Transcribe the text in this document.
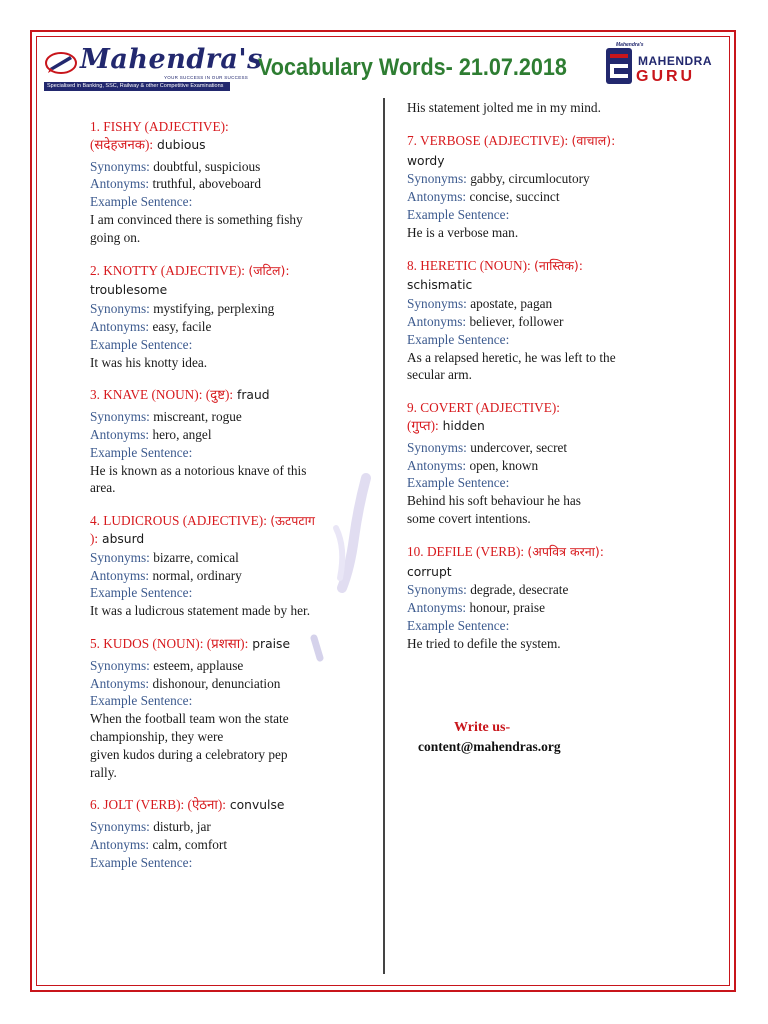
Mahendra's
YOUR SUCCESS IN OUR SUCCESS
Specialised in Banking, SSC, Railway & other Competitive Examinations
Vocabulary Words- 21.07.2018
Mahendra's
MAHENDRA
GURU
1. FISHY (ADJECTIVE):
(सदेहजनक): dubious
Synonyms: doubtful, suspicious
Antonyms: truthful, aboveboard
Example Sentence:
I am convinced there is something fishy
going on.
2. KNOTTY (ADJECTIVE): (जटिल):
troublesome
Synonyms: mystifying, perplexing
Antonyms: easy, facile
Example Sentence:
It was his knotty idea.
3. KNAVE (NOUN): (दुष्ट): fraud
Synonyms: miscreant, rogue
Antonyms: hero, angel
Example Sentence:
He is known as a notorious knave of this
area.
4. LUDICROUS (ADJECTIVE): (ऊटपटाग
): absurd
Synonyms: bizarre, comical
Antonyms: normal, ordinary
Example Sentence:
It was a ludicrous statement made by her.
5. KUDOS (NOUN): (प्रशसा): praise
Synonyms: esteem, applause
Antonyms: dishonour, denunciation
Example Sentence:
When the football team won the state
championship, they were
given kudos during a celebratory pep
rally.
6. JOLT (VERB): (ऐठना): convulse
Synonyms: disturb, jar
Antonyms: calm, comfort
Example Sentence:
His statement jolted me in my mind.
7. VERBOSE (ADJECTIVE): (वाचाल):
wordy
Synonyms: gabby, circumlocutory
Antonyms: concise, succinct
Example Sentence:
He is a verbose man.
8. HERETIC (NOUN): (नास्तिक):
schismatic
Synonyms: apostate, pagan
Antonyms: believer, follower
Example Sentence:
As a relapsed heretic, he was left to the
secular arm.
9. COVERT (ADJECTIVE):
(गुप्त): hidden
Synonyms: undercover, secret
Antonyms: open, known
Example Sentence:
Behind his soft behaviour he has
some covert intentions.
10. DEFILE (VERB): (अपवित्र करना):
corrupt
Synonyms: degrade, desecrate
Antonyms: honour, praise
Example Sentence:
He tried to defile the system.
Write us-
content@mahendras.org
